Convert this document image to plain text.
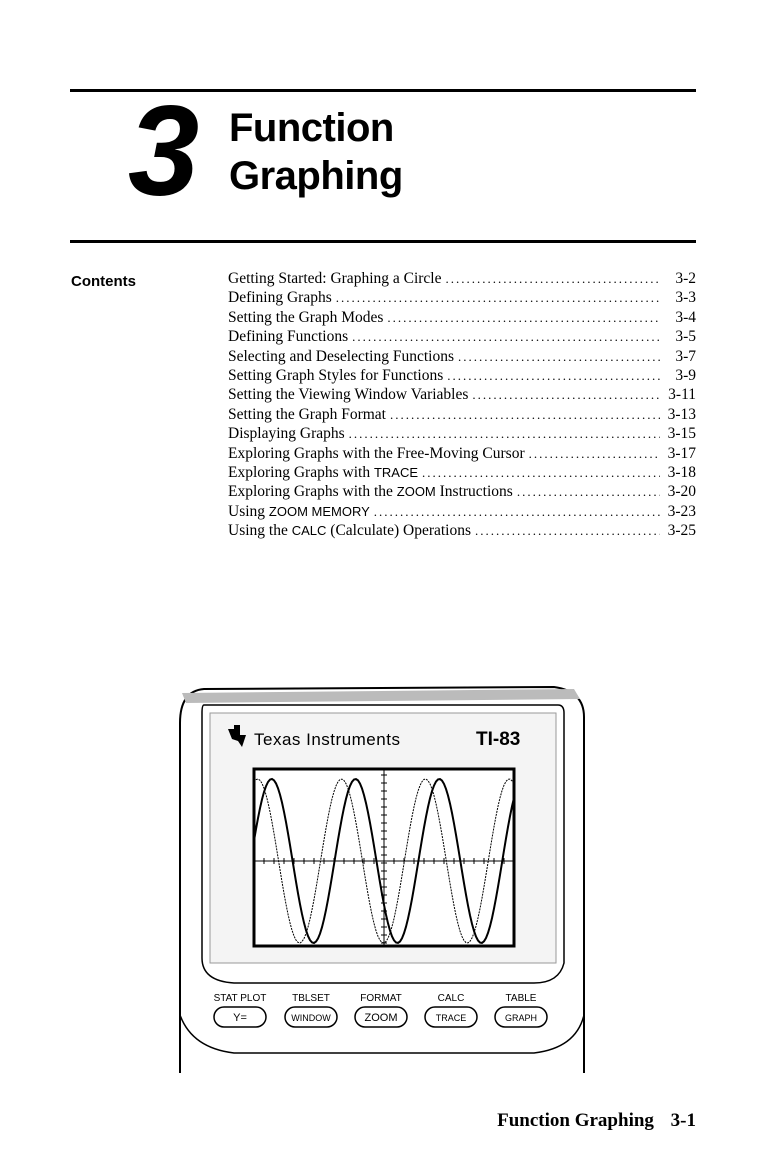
3 Function
Graphing
Contents	Getting Started: Graphing a Circle .....	3-2
Defining Graphs .....	3-3
Setting the Graph Modes .....	3-4
Defining Functions .....	3-5
Selecting and Deselecting Functions .....	3-7
Setting Graph Styles for Functions .....	3-9
Setting the Viewing Window Variables .....	3-11
Setting the Graph Format .....	3-13
Displaying Graphs .....	3-15
Exploring Graphs with the Free-Moving Cursor .....	3-17
Exploring Graphs with TRACE .....	3-18
Exploring Graphs with the ZOOM Instructions .....	3-20
Using ZOOM MEMORY .....	3-23
Using the CALC (Calculate) Operations .....	3-25
Texas Instruments	TI-83
STAT PLOT	TBLSET	FORMAT	CALC	TABLE
Y=	WINDOW	ZOOM	TRACE	GRAPH
Function Graphing 3-1
